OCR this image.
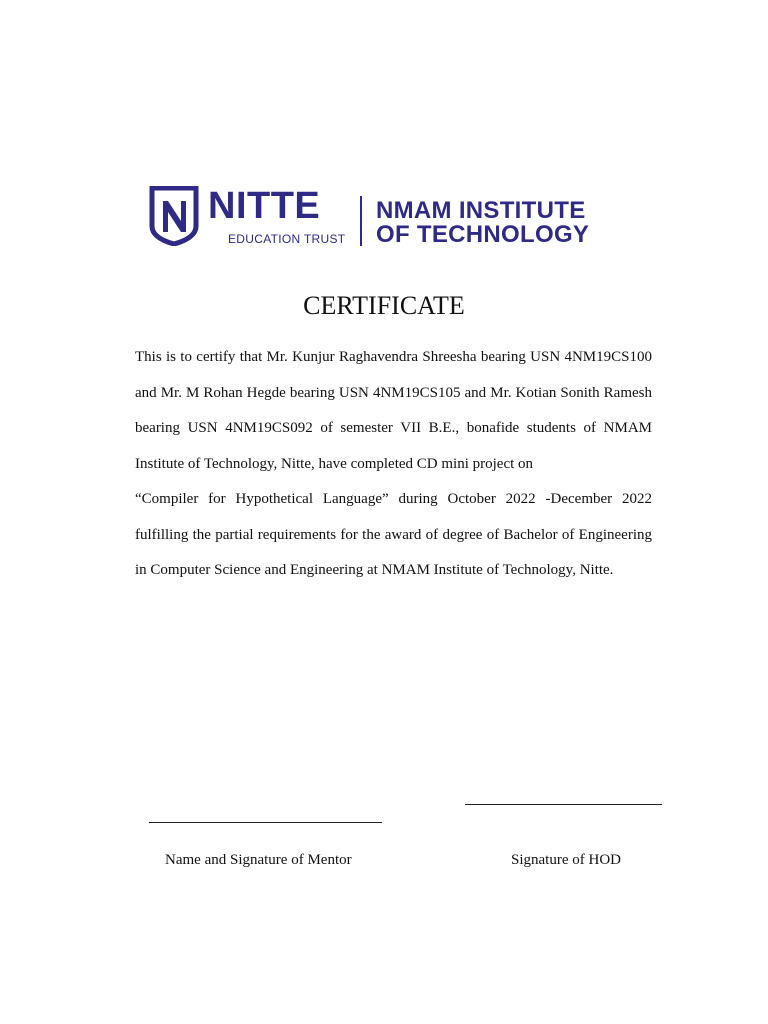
NITTE
EDUCATION TRUST
NMAM INSTITUTE
OF TECHNOLOGY
CERTIFICATE

This is to certify that Mr. Kunjur Raghavendra Shreesha bearing USN 4NM19CS100 and Mr. M Rohan Hegde bearing USN 4NM19CS105 and Mr. Kotian Sonith Ramesh bearing USN 4NM19CS092 of semester VII B.E., bonafide students of NMAM Institute of Technology, Nitte, have completed CD mini project on

“Compiler for Hypothetical Language” during October 2022 -December 2022 fulfilling the partial requirements for the award of degree of Bachelor of Engineering in Computer Science and Engineering at NMAM Institute of Technology, Nitte.

Name and Signature of Mentor	Signature of HOD
